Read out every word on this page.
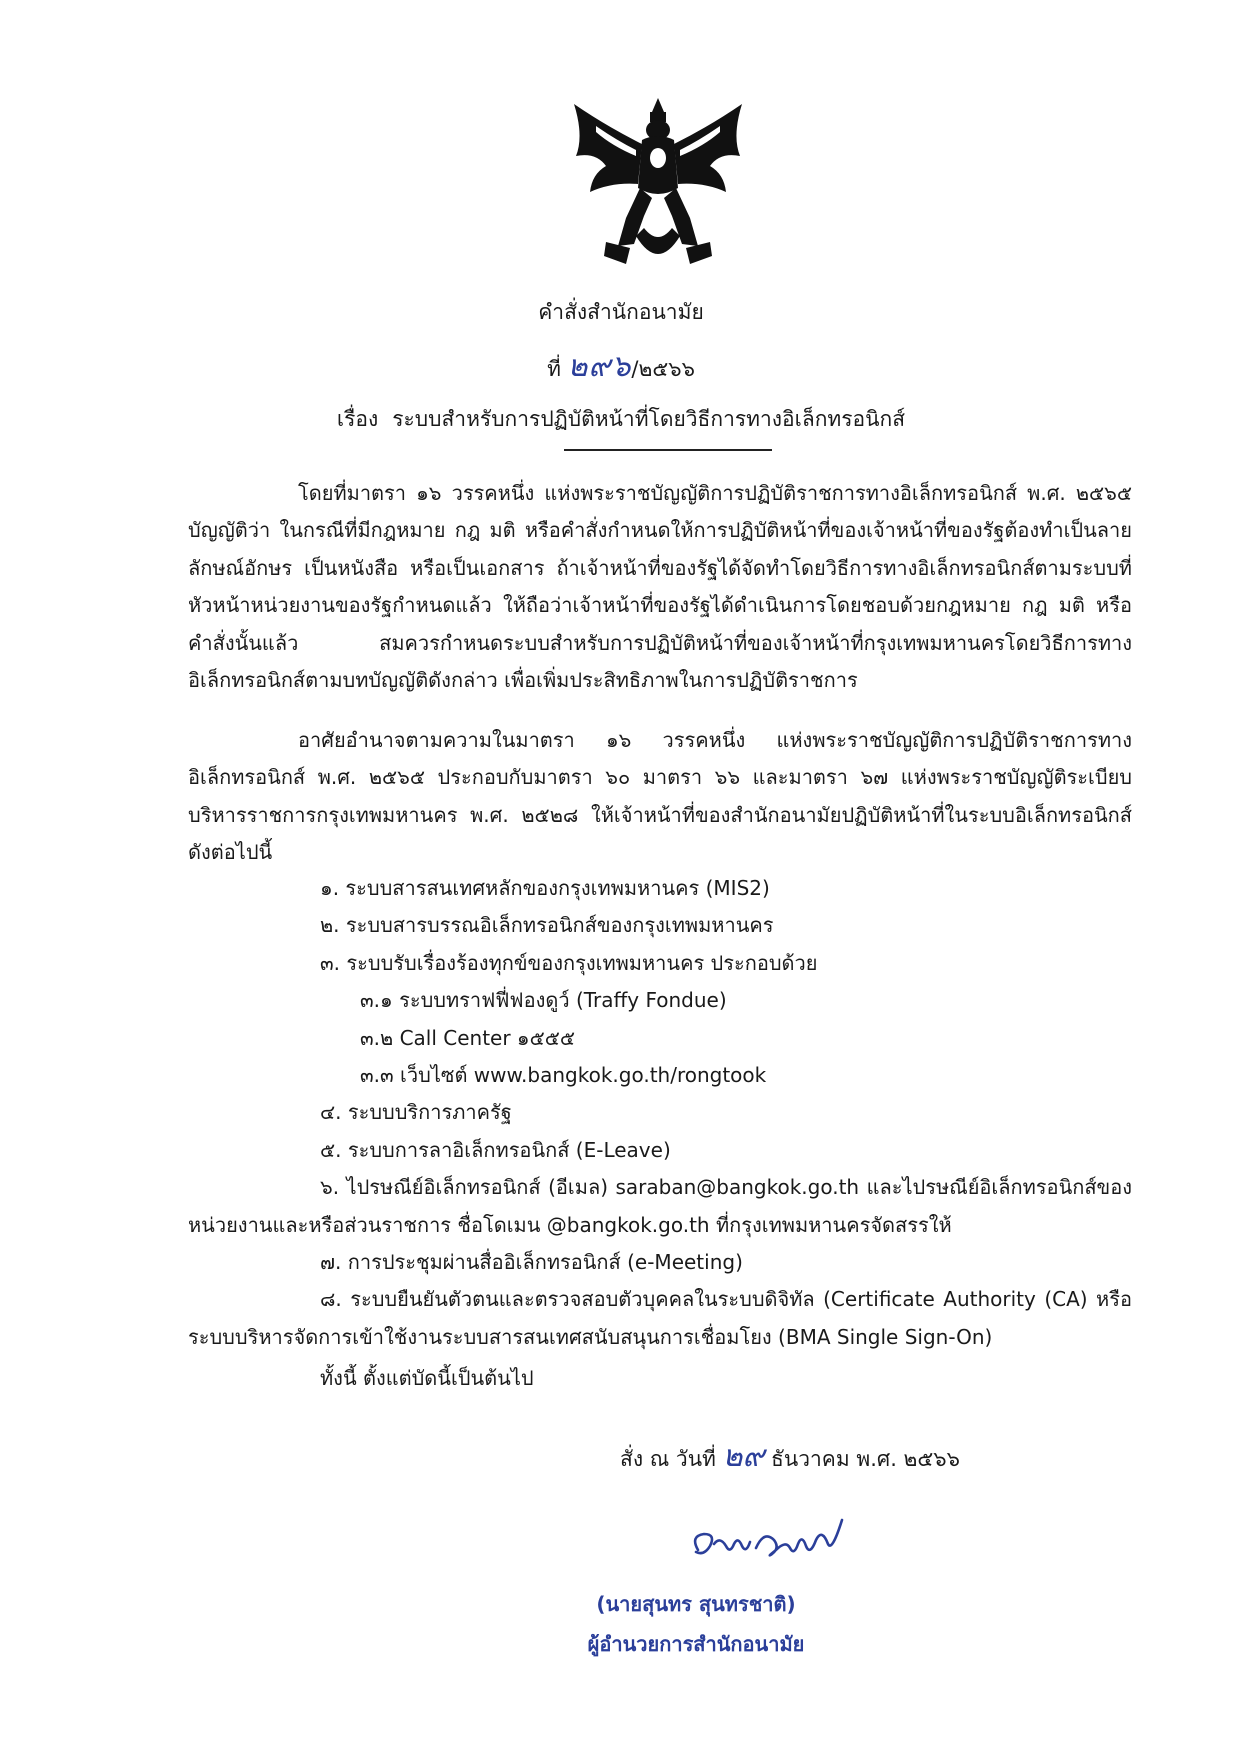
คำสั่งสำนักอนามัย
ที่ ๒๙๖/๒๕๖๖
เรื่อง ระบบสำหรับการปฏิบัติหน้าที่โดยวิธีการทางอิเล็กทรอนิกส์

โดยที่มาตรา ๑๖ วรรคหนึ่ง แห่งพระราชบัญญัติการปฏิบัติราชการทางอิเล็กทรอนิกส์ พ.ศ. ๒๕๖๕ บัญญัติว่า ในกรณีที่มีกฎหมาย กฎ มติ หรือคำสั่งกำหนดให้การปฏิบัติหน้าที่ของเจ้าหน้าที่ของรัฐต้องทำเป็นลายลักษณ์อักษร เป็นหนังสือ หรือเป็นเอกสาร ถ้าเจ้าหน้าที่ของรัฐได้จัดทำโดยวิธีการทางอิเล็กทรอนิกส์ตามระบบที่หัวหน้าหน่วยงานของรัฐกำหนดแล้ว ให้ถือว่าเจ้าหน้าที่ของรัฐได้ดำเนินการโดยชอบด้วยกฎหมาย กฎ มติ หรือคำสั่งนั้นแล้ว สมควรกำหนดระบบสำหรับการปฏิบัติหน้าที่ของเจ้าหน้าที่กรุงเทพมหานครโดยวิธีการทางอิเล็กทรอนิกส์ตามบทบัญญัติดังกล่าว เพื่อเพิ่มประสิทธิภาพในการปฏิบัติราชการ

อาศัยอำนาจตามความในมาตรา ๑๖ วรรคหนึ่ง แห่งพระราชบัญญัติการปฏิบัติราชการทางอิเล็กทรอนิกส์ พ.ศ. ๒๕๖๕ ประกอบกับมาตรา ๖๐ มาตรา ๖๖ และมาตรา ๖๗ แห่งพระราชบัญญัติระเบียบบริหารราชการกรุงเทพมหานคร พ.ศ. ๒๕๒๘ ให้เจ้าหน้าที่ของสำนักอนามัยปฏิบัติหน้าที่ในระบบอิเล็กทรอนิกส์ ดังต่อไปนี้

๑. ระบบสารสนเทศหลักของกรุงเทพมหานคร (MIS2)
๒. ระบบสารบรรณอิเล็กทรอนิกส์ของกรุงเทพมหานคร
๓. ระบบรับเรื่องร้องทุกข์ของกรุงเทพมหานคร ประกอบด้วย
๓.๑ ระบบทราฟฟี่ฟองดูว์ (Traffy Fondue)
๓.๒ Call Center ๑๕๕๕
๓.๓ เว็บไซต์ www.bangkok.go.th/rongtook
๔. ระบบบริการภาครัฐ
๕. ระบบการลาอิเล็กทรอนิกส์ (E-Leave)
๖. ไปรษณีย์อิเล็กทรอนิกส์ (อีเมล) saraban@bangkok.go.th และไปรษณีย์อิเล็กทรอนิกส์ของหน่วยงานและหรือส่วนราชการ ชื่อโดเมน @bangkok.go.th ที่กรุงเทพมหานครจัดสรรให้
๗. การประชุมผ่านสื่ออิเล็กทรอนิกส์ (e-Meeting)
๘. ระบบยืนยันตัวตนและตรวจสอบตัวบุคคลในระบบดิจิทัล (Certificate Authority (CA) หรือระบบบริหารจัดการเข้าใช้งานระบบสารสนเทศสนับสนุนการเชื่อมโยง (BMA Single Sign-On)
ทั้งนี้ ตั้งแต่บัดนี้เป็นต้นไป
สั่ง ณ วันที่ ๒๙ ธันวาคม พ.ศ. ๒๕๖๖
(นายสุนทร สุนทรชาติ)
ผู้อำนวยการสำนักอนามัย
